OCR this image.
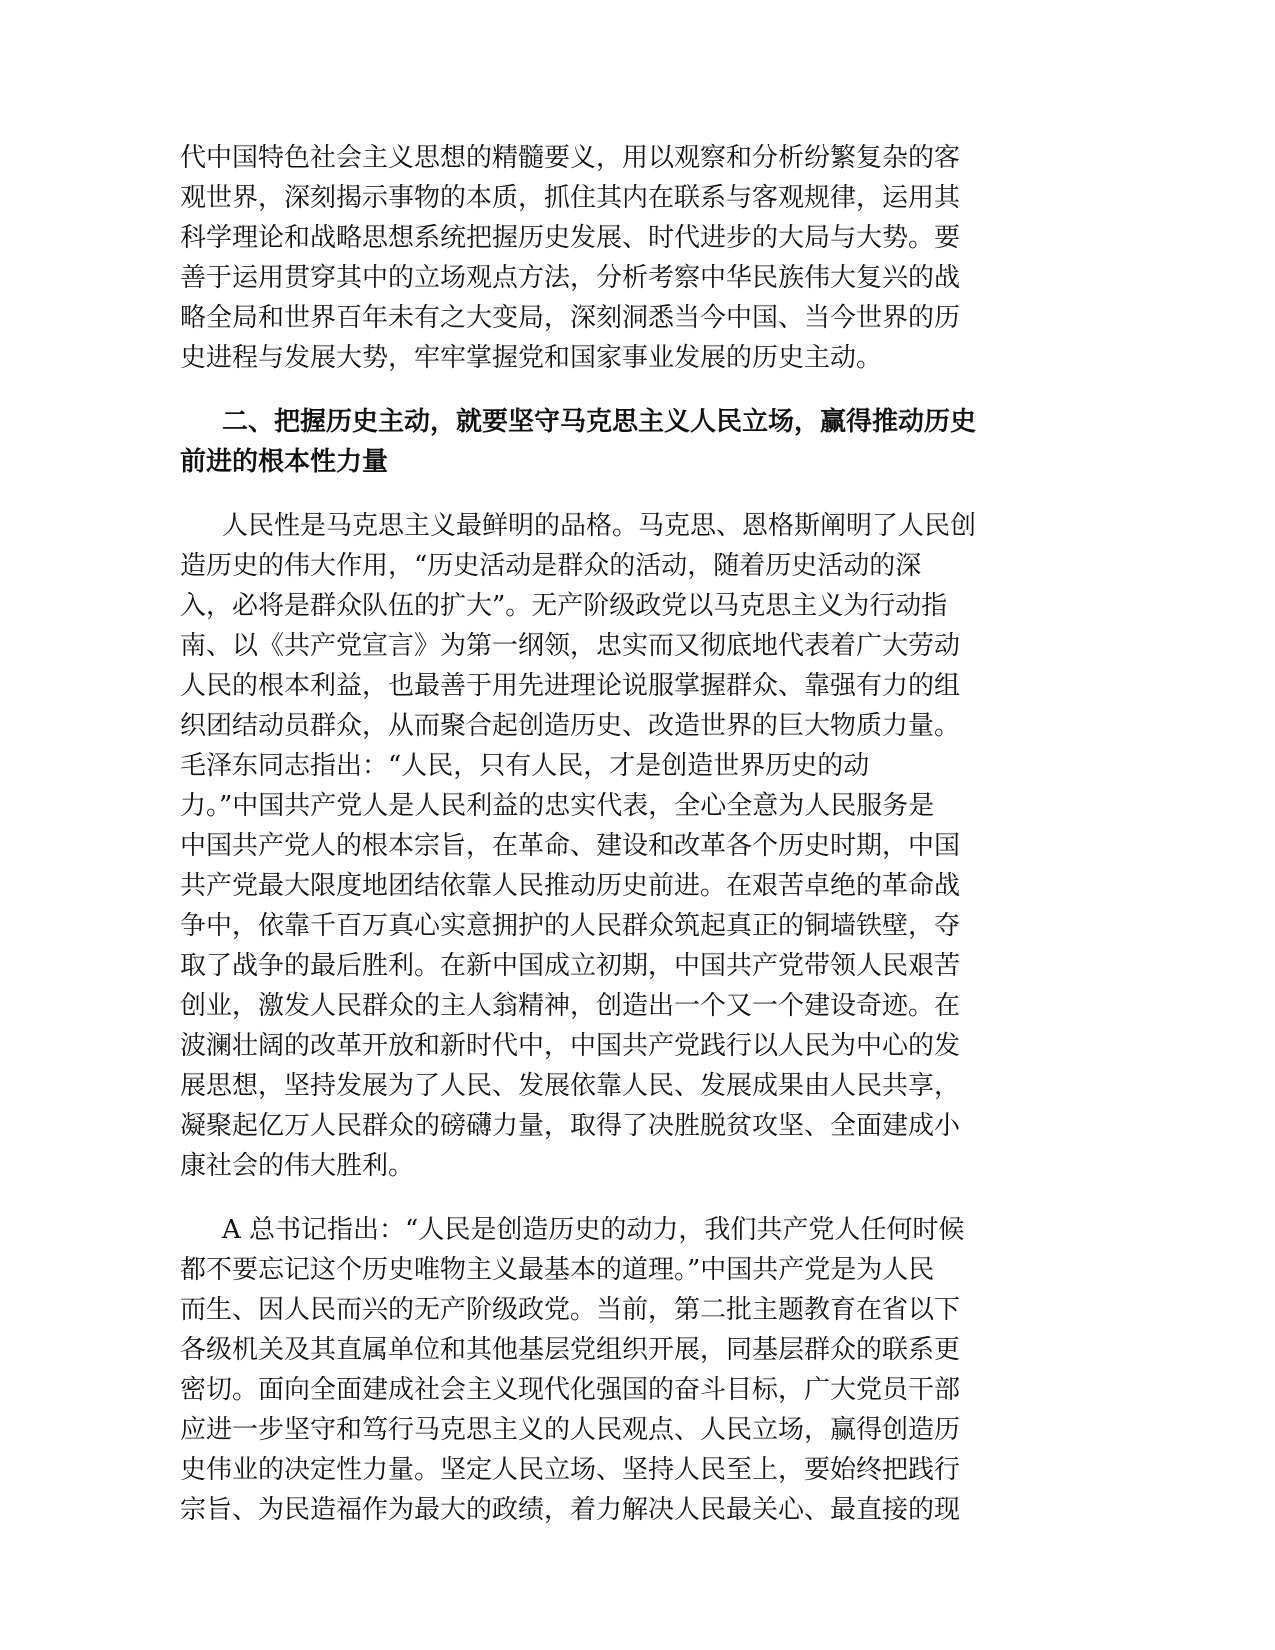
代中国特色社会主义思想的精髓要义，用以观察和分析纷繁复杂的客
观世界，深刻揭示事物的本质，抓住其内在联系与客观规律，运用其
科学理论和战略思想系统把握历史发展、时代进步的大局与大势。要
善于运用贯穿其中的立场观点方法，分析考察中华民族伟大复兴的战
略全局和世界百年未有之大变局，深刻洞悉当今中国、当今世界的历
史进程与发展大势，牢牢掌握党和国家事业发展的历史主动。
二、把握历史主动，就要坚守马克思主义人民立场，赢得推动历史
前进的根本性力量
人民性是马克思主义最鲜明的品格。马克思、恩格斯阐明了人民创
造历史的伟大作用，“历史活动是群众的活动，随着历史活动的深
入，必将是群众队伍的扩大”。无产阶级政党以马克思主义为行动指
南、以《共产党宣言》为第一纲领，忠实而又彻底地代表着广大劳动
人民的根本利益，也最善于用先进理论说服掌握群众、靠强有力的组
织团结动员群众，从而聚合起创造历史、改造世界的巨大物质力量。
毛泽东同志指出：“人民，只有人民，才是创造世界历史的动
力。”中国共产党人是人民利益的忠实代表，全心全意为人民服务是
中国共产党人的根本宗旨，在革命、建设和改革各个历史时期，中国
共产党最大限度地团结依靠人民推动历史前进。在艰苦卓绝的革命战
争中，依靠千百万真心实意拥护的人民群众筑起真正的铜墙铁壁，夺
取了战争的最后胜利。在新中国成立初期，中国共产党带领人民艰苦
创业，激发人民群众的主人翁精神，创造出一个又一个建设奇迹。在
波澜壮阔的改革开放和新时代中，中国共产党践行以人民为中心的发
展思想，坚持发展为了人民、发展依靠人民、发展成果由人民共享，
凝聚起亿万人民群众的磅礴力量，取得了决胜脱贫攻坚、全面建成小
康社会的伟大胜利。
A 总书记指出：“人民是创造历史的动力，我们共产党人任何时候
都不要忘记这个历史唯物主义最基本的道理。”中国共产党是为人民
而生、因人民而兴的无产阶级政党。当前，第二批主题教育在省以下
各级机关及其直属单位和其他基层党组织开展，同基层群众的联系更
密切。面向全面建成社会主义现代化强国的奋斗目标，广大党员干部
应进一步坚守和笃行马克思主义的人民观点、人民立场，赢得创造历
史伟业的决定性力量。坚定人民立场、坚持人民至上，要始终把践行
宗旨、为民造福作为最大的政绩，着力解决人民最关心、最直接的现
